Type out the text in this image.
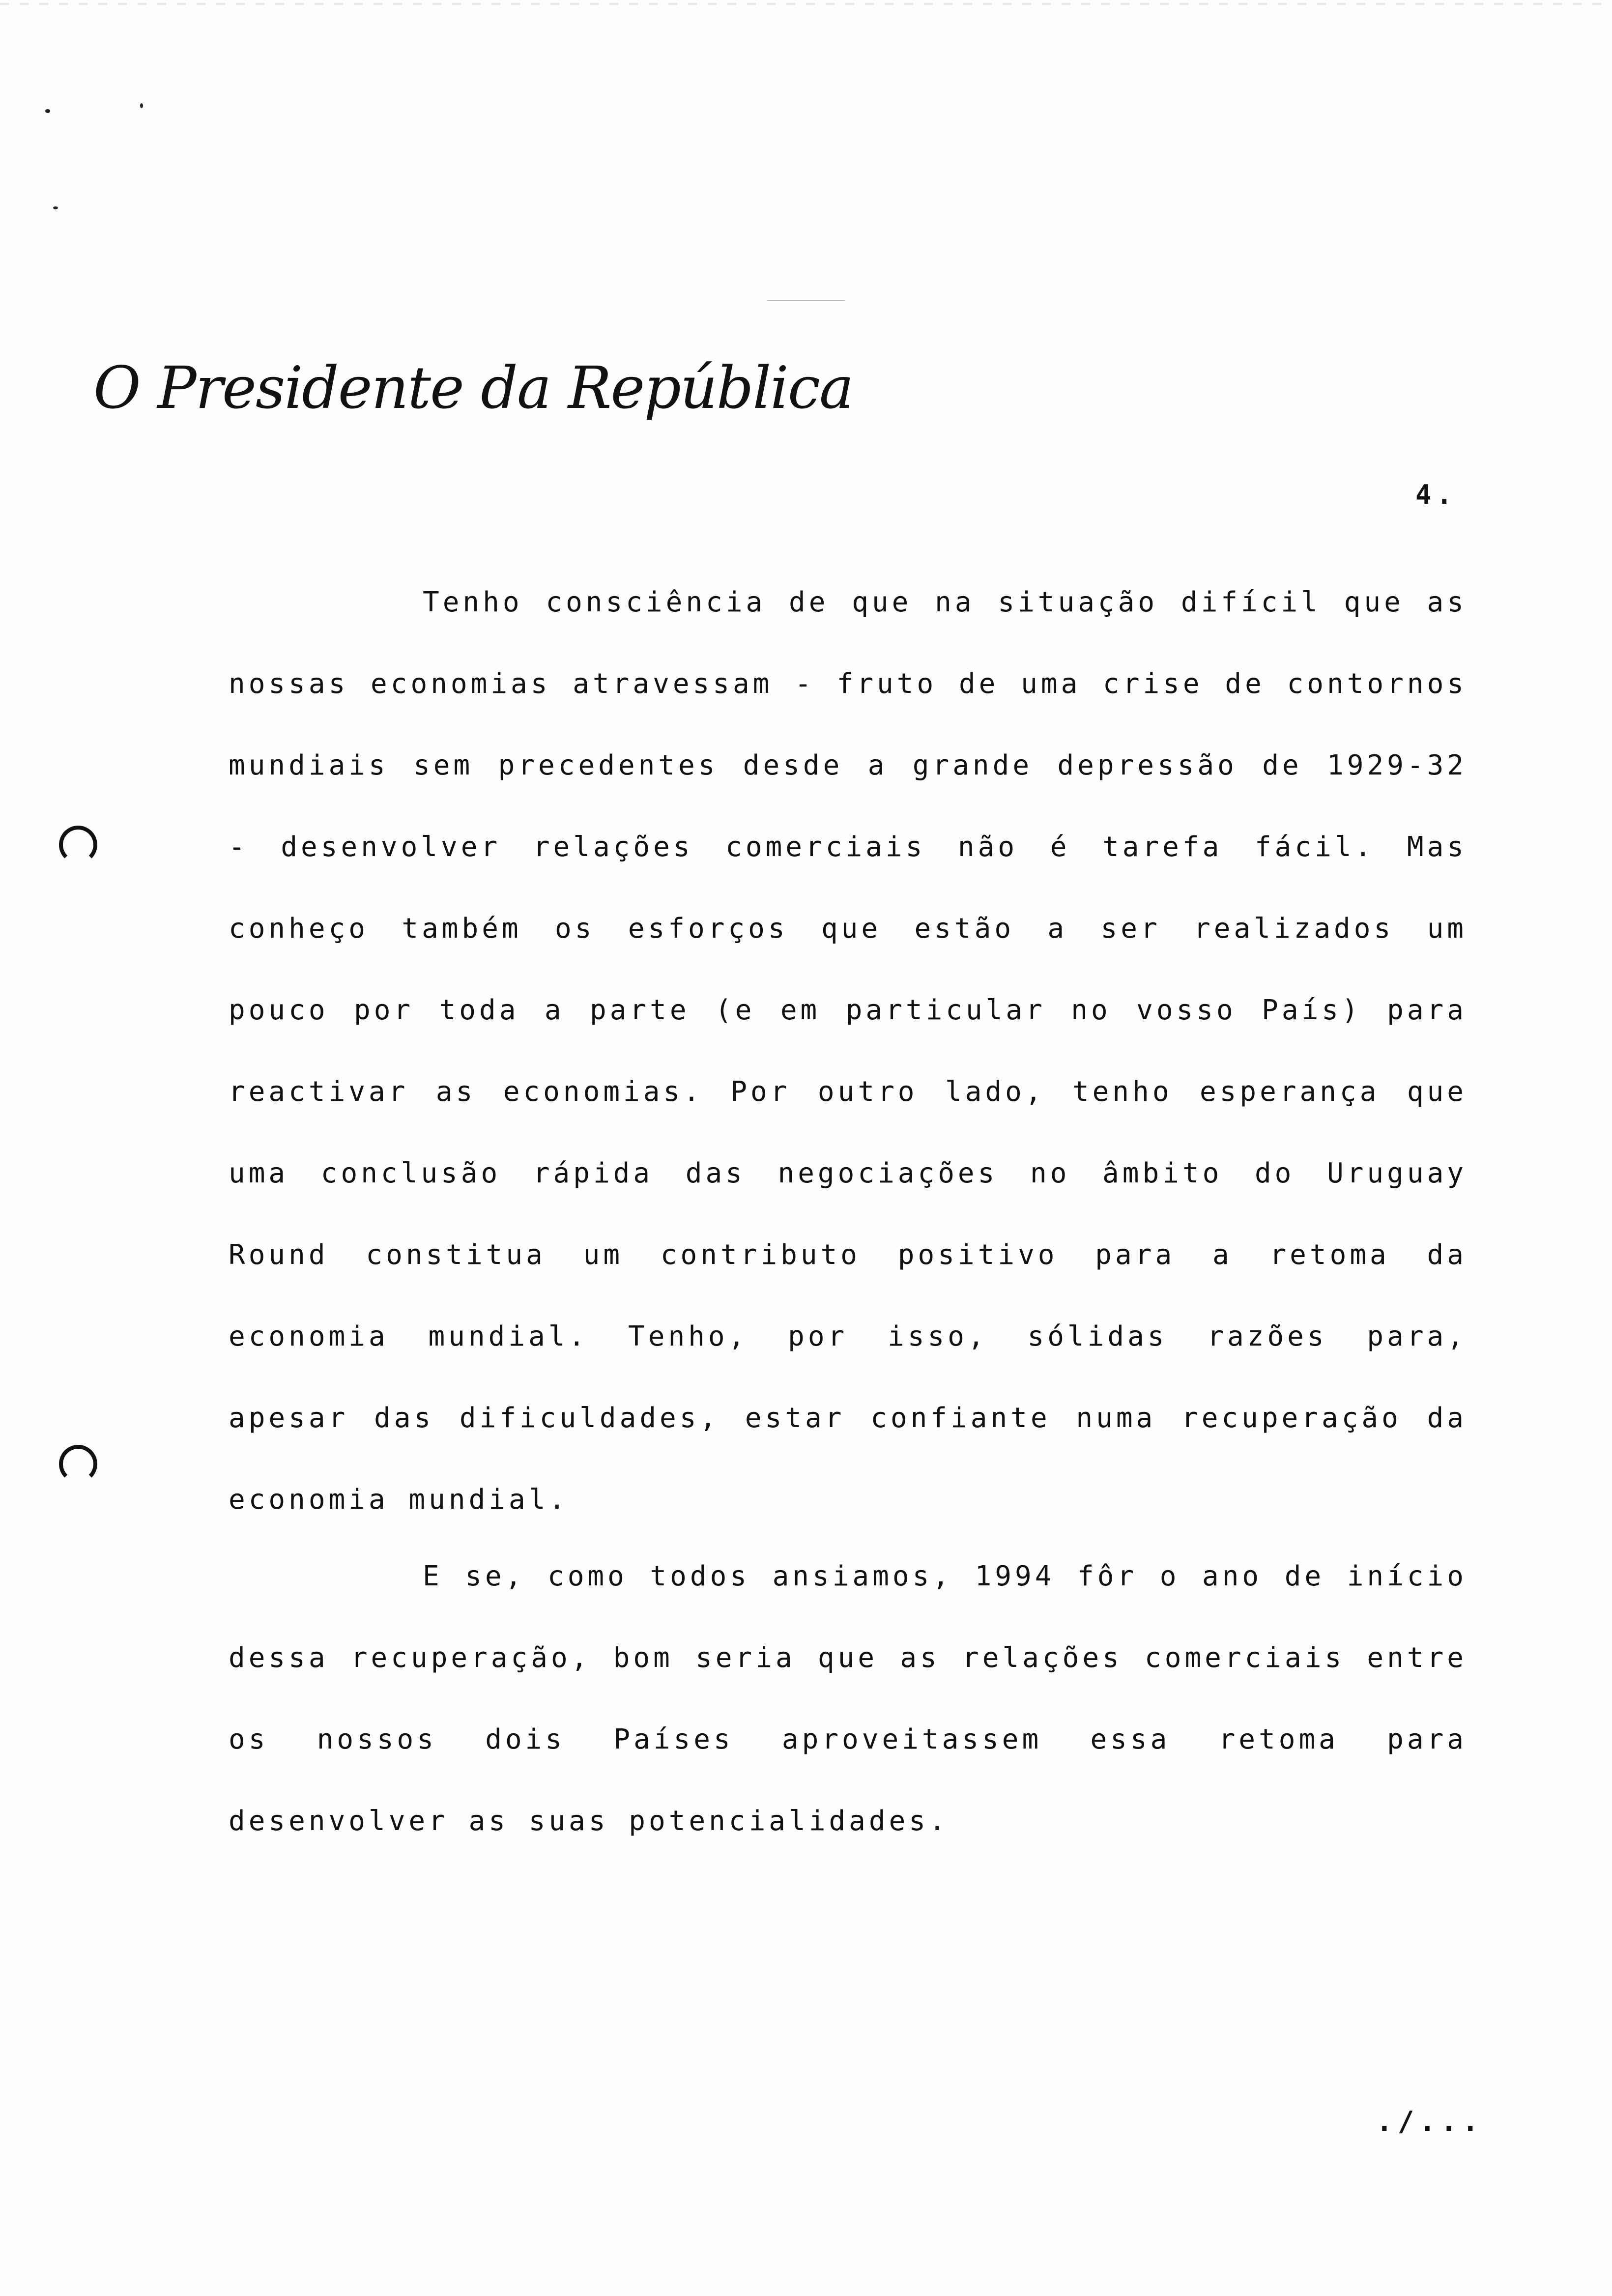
O Presidente da República
4.

Tenho consciência de que na situação difícil que as nossas economias atravessam - fruto de uma crise de contornos mundiais sem precedentes desde a grande depressão de 1929-32 - desenvolver relações comerciais não é tarefa fácil. Mas conheço também os esforços que estão a ser realizados um pouco por toda a parte (e em particular no vosso País) para reactivar as economias. Por outro lado, tenho esperança que uma conclusão rápida das negociações no âmbito do Uruguay Round constitua um contributo positivo para a retoma da economia mundial. Tenho, por isso, sólidas razões para, apesar das dificuldades, estar confiante numa recuperação da economia mundial.

E se, como todos ansiamos, 1994 fôr o ano de início dessa recuperação, bom seria que as relações comerciais entre os nossos dois Países aproveitassem essa retoma para desenvolver as suas potencialidades.

./...
